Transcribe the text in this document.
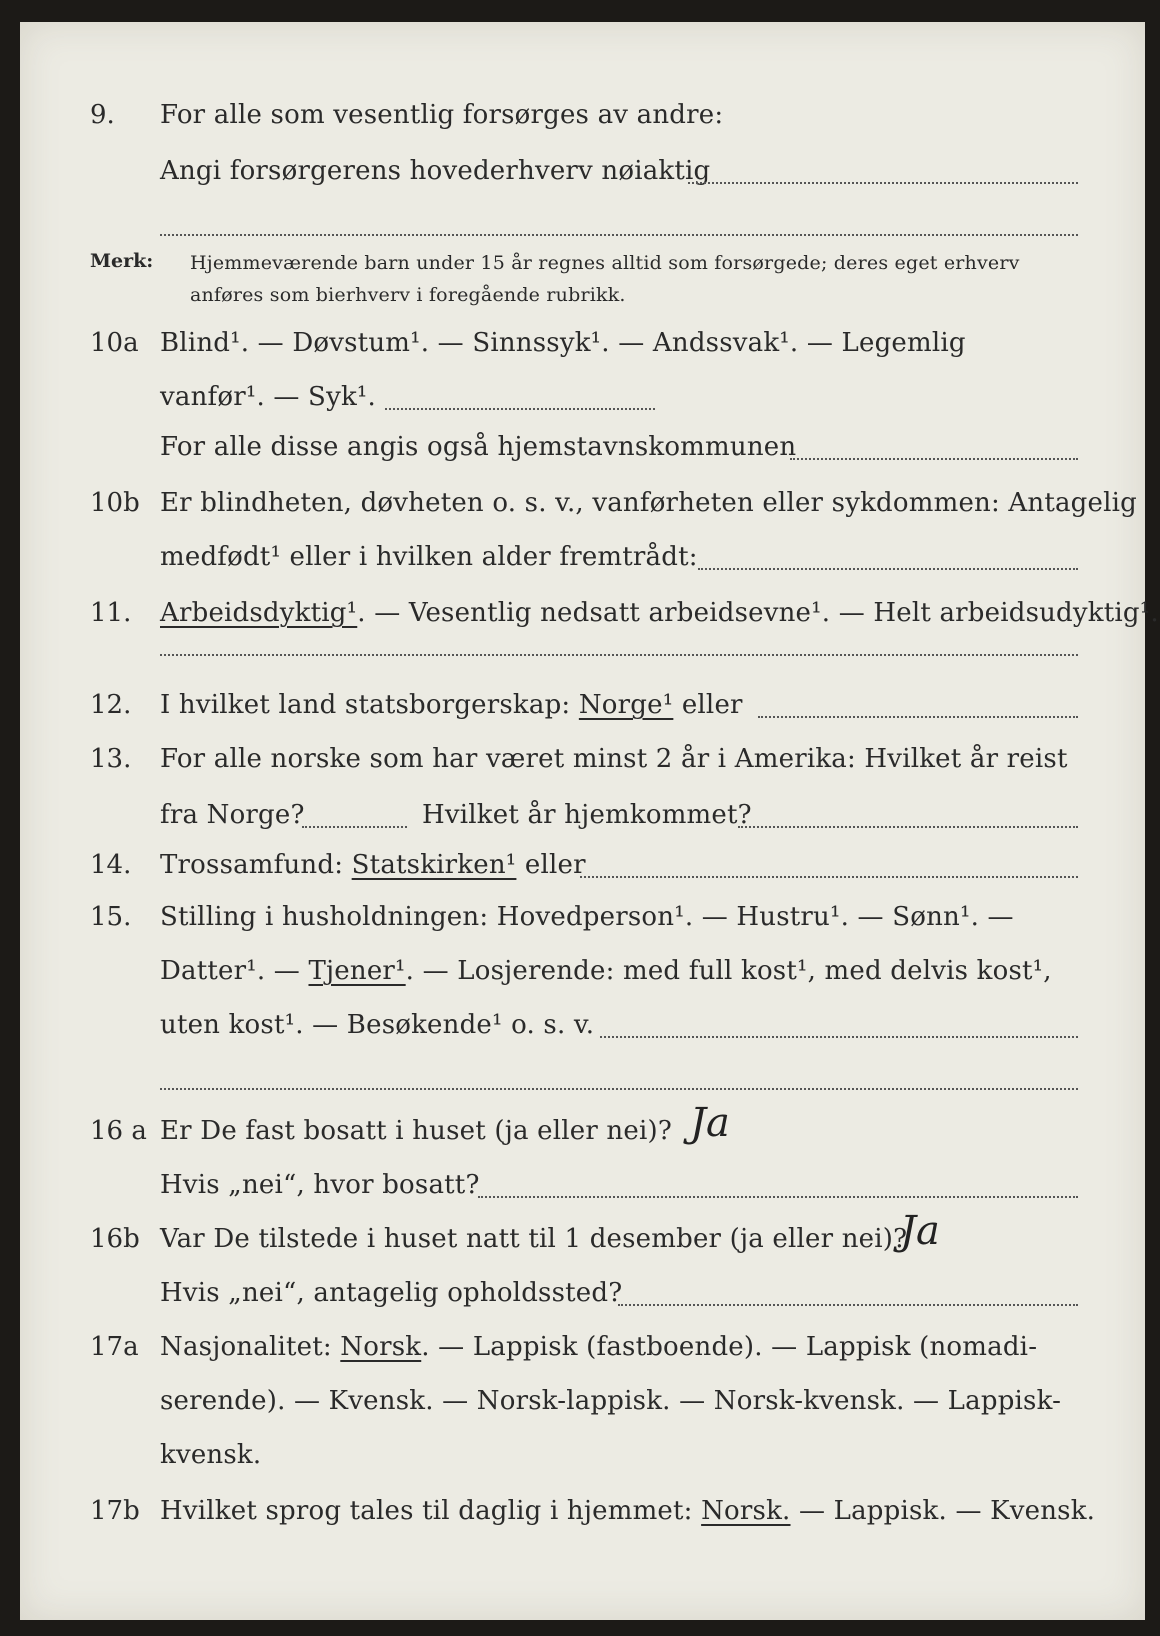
9. For alle som vesentlig forsørges av andre:
Angi forsørgerens hovederhverv nøiaktig
Merk: Hjemmeværende barn under 15 år regnes alltid som forsørgede; deres eget erhverv
anføres som bierhverv i foregående rubrikk.
10a Blind¹. — Døvstum¹. — Sinnssyk¹. — Andssvak¹. — Legemlig
vanfør¹. — Syk¹.
For alle disse angis også hjemstavnskommunen
10b Er blindheten, døvheten o. s. v., vanførheten eller sykdommen: Antagelig
medfødt¹ eller i hvilken alder fremtrådt:
11. Arbeidsdyktig¹. — Vesentlig nedsatt arbeidsevne¹. — Helt arbeidsudyktig¹.
12. I hvilket land statsborgerskap: Norge¹ eller
13. For alle norske som har været minst 2 år i Amerika: Hvilket år reist
fra Norge?	Hvilket år hjemkommet?
14. Trossamfund: Statskirken¹ eller
15. Stilling i husholdningen: Hovedperson¹. — Hustru¹. — Sønn¹. —
Datter¹. — Tjener¹. — Losjerende: med full kost¹, med delvis kost¹,
uten kost¹. — Besøkende¹ o. s. v.
16 a Er De fast bosatt i huset (ja eller nei)? Ja
Hvis „nei“, hvor bosatt?
16b Var De tilstede i huset natt til 1 desember (ja eller nei)?
Ja
Hvis „nei“, antagelig opholdssted?
17a Nasjonalitet: Norsk. — Lappisk (fastboende). — Lappisk (nomadi-
serende). — Kvensk. — Norsk-lappisk. — Norsk-kvensk. — Lappisk-
kvensk.
17b Hvilket sprog tales til daglig i hjemmet: Norsk. — Lappisk. — Kvensk.
